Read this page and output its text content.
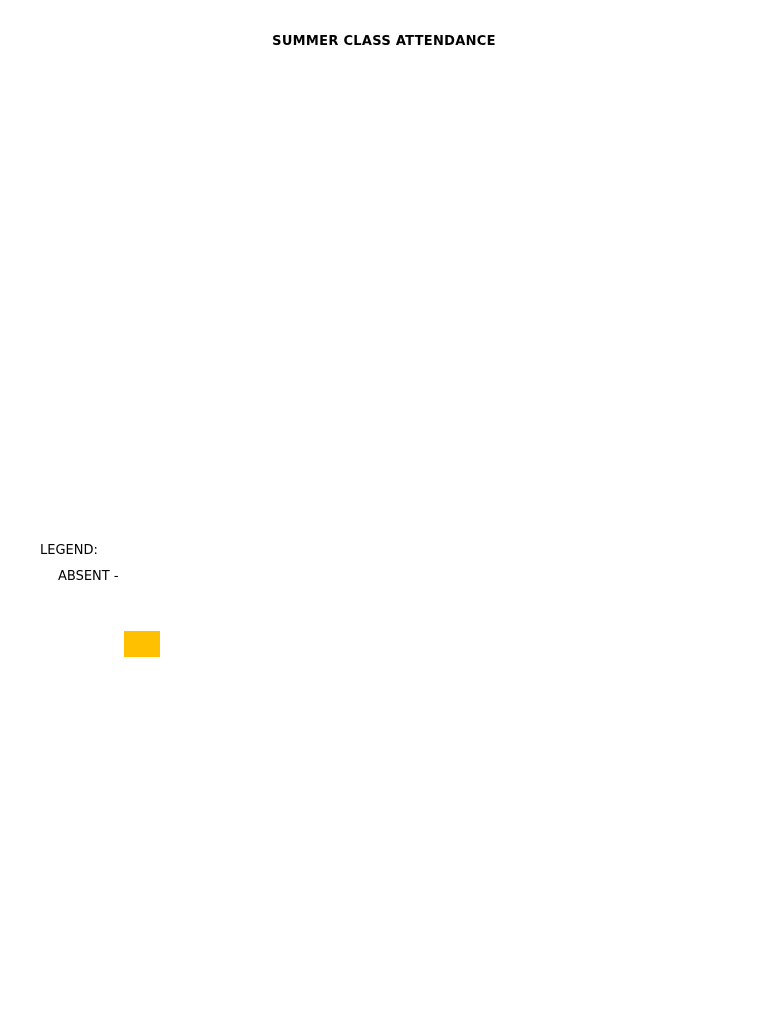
SUMMER CLASS ATTENDANCE
LEGEND:
ABSENT -
